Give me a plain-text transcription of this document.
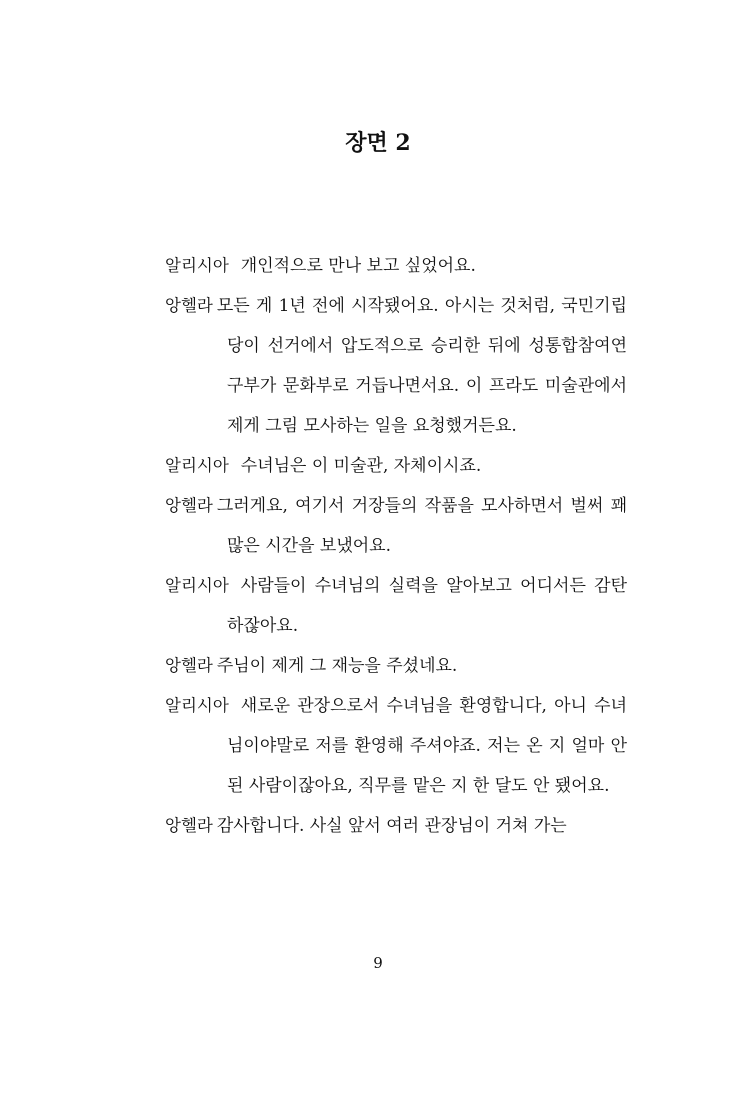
장면 2

알리시아 개인적으로 만나 보고 싶었어요.

앙헬라 모든 게 1년 전에 시작됐어요. 아시는 것처럼, 국민기립당이 선거에서 압도적으로 승리한 뒤에 성통합참여연구부가 문화부로 거듭나면서요. 이 프라도 미술관에서 제게 그림 모사하는 일을 요청했거든요.

알리시아 수녀님은 이 미술관, 자체이시죠.

앙헬라 그러게요, 여기서 거장들의 작품을 모사하면서 벌써 꽤 많은 시간을 보냈어요.

알리시아 사람들이 수녀님의 실력을 알아보고 어디서든 감탄하잖아요.

앙헬라 주님이 제게 그 재능을 주셨네요.

알리시아 새로운 관장으로서 수녀님을 환영합니다, 아니 수녀님이야말로 저를 환영해 주셔야죠. 저는 온 지 얼마 안 된 사람이잖아요, 직무를 맡은 지 한 달도 안 됐어요.

앙헬라 감사합니다. 사실 앞서 여러 관장님이 거쳐 가는

9
